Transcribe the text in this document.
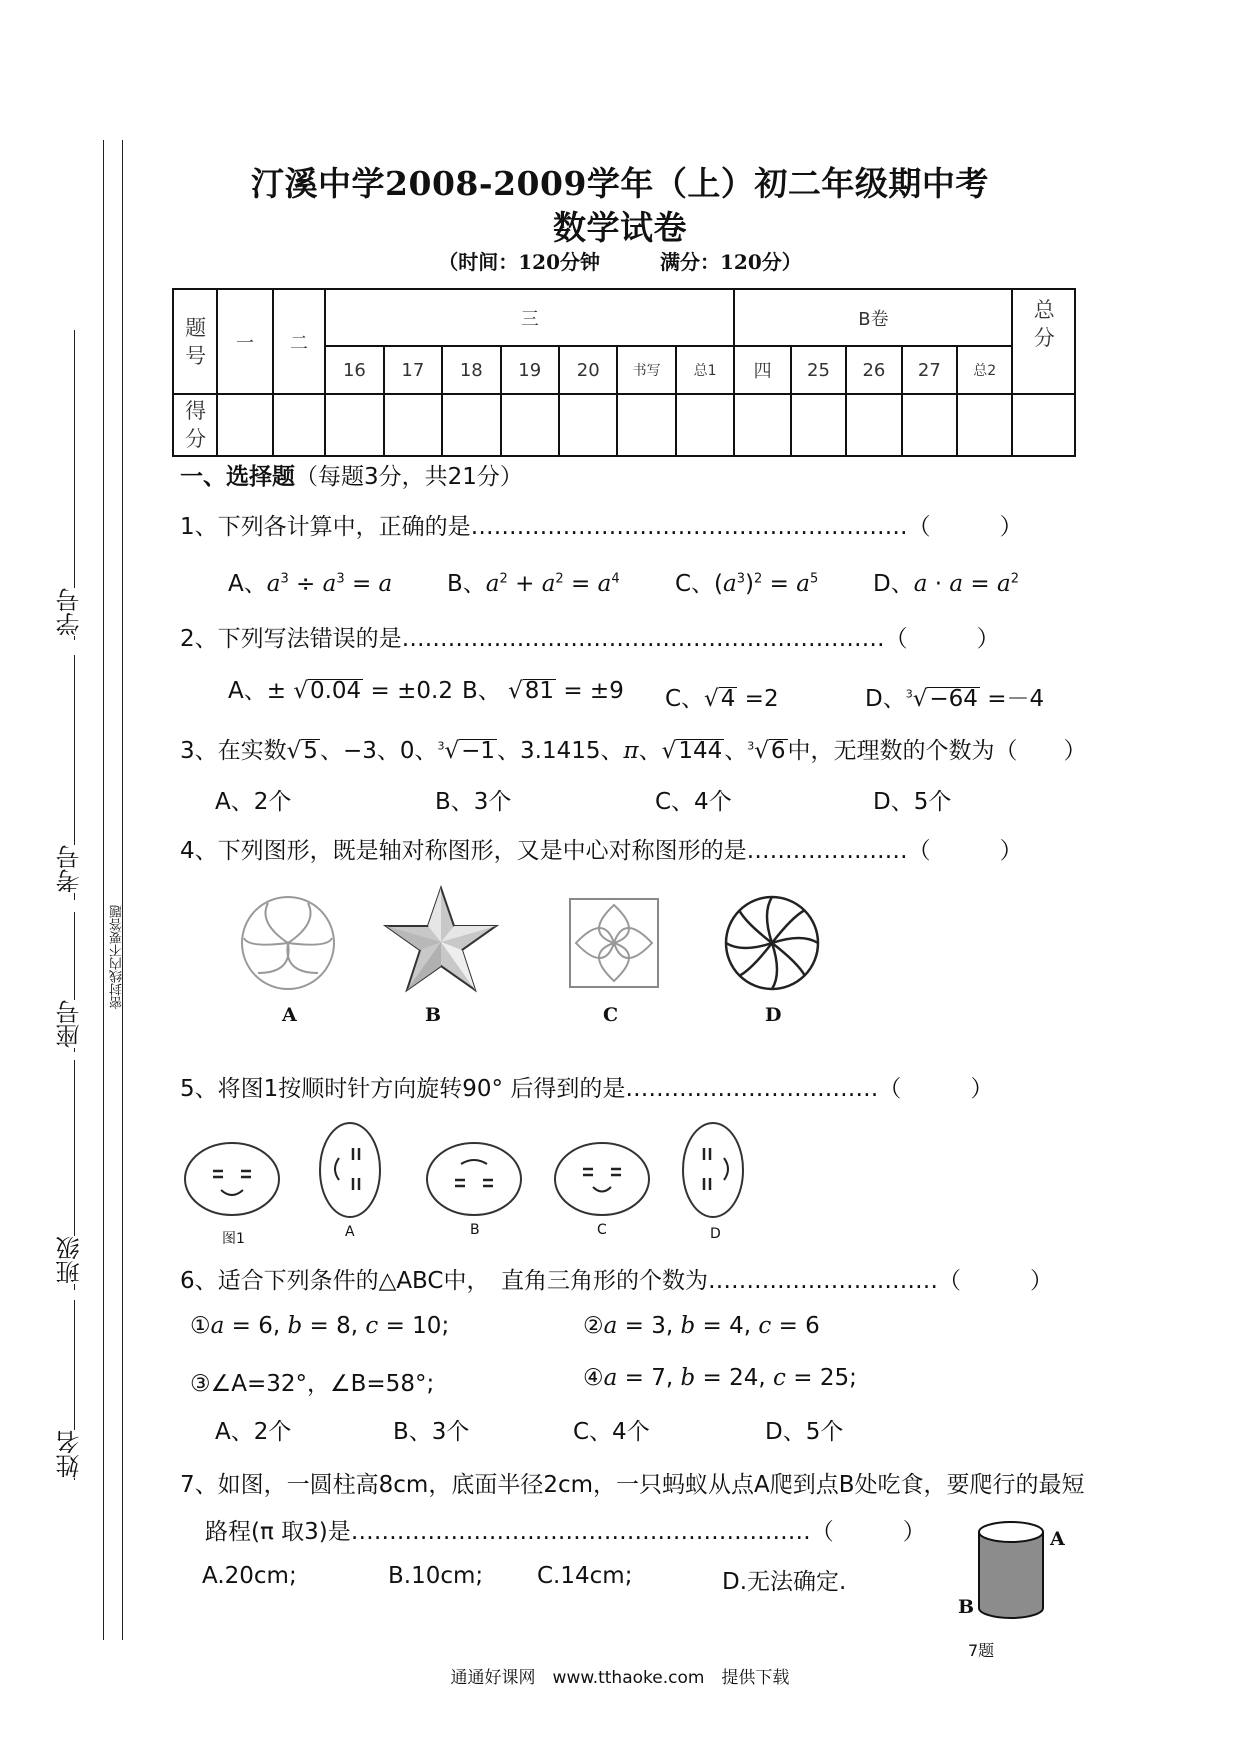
密封线内不要答题
学号
考号
座号
班级
姓名
汀溪中学2008-2009学年（上）初二年级期中考
数学试卷
（时间：120分钟　　　满分：120分）
题号	一	二	三							B卷					总分
			16	17	18	19	20	书写	总1	四	25	26	27	总2	
得分															
一、选择题（每题3分，共21分）
1、下列各计算中，正确的是…………………………………………………（　　　）
A、$a^3 \div a^3 = a$ B、$a^2 + a^2 = a^4$ C、$(a^3)^2 = a^5$ D、$a \cdot a = a^2$
2、下列写法错误的是………………………………………………………（　　　）
A、± √0.04 = ±0.2 B、 √81 = ±9 C、√4 =2	D、$^3$√−64 =－4
3、在实数√5、−3、0、$^3$√−1、3.1415、π、√144、$^3$√6中，无理数的个数为（　　）
A、2个	B、3个	C、4个	D、5个
4、下列图形，既是轴对称图形，又是中心对称图形的是…………………（　　　）
A	B	C	D
5、将图1按顺时针方向旋转90° 后得到的是……………………………（　　　）
图1	A	B	C	D
6、适合下列条件的△ABC中，　直角三角形的个数为…………………………（　　　）
①a = 6, b = 8, c = 10;	②a = 3, b = 4, c = 6
③∠A=32°，∠B=58°;	④a = 7, b = 24, c = 25;
A、2个	B、3个	C、4个	D、5个
7、如图，一圆柱高8cm，底面半径2cm，一只蚂蚁从点A爬到点B处吃食，要爬行的最短
路程(π 取3)是……………………………………………………（　　　）
A.20cm;	B.10cm; C.14cm;	D.无法确定.
A
B
7题
通通好课网　www.tthaoke.com　提供下载
